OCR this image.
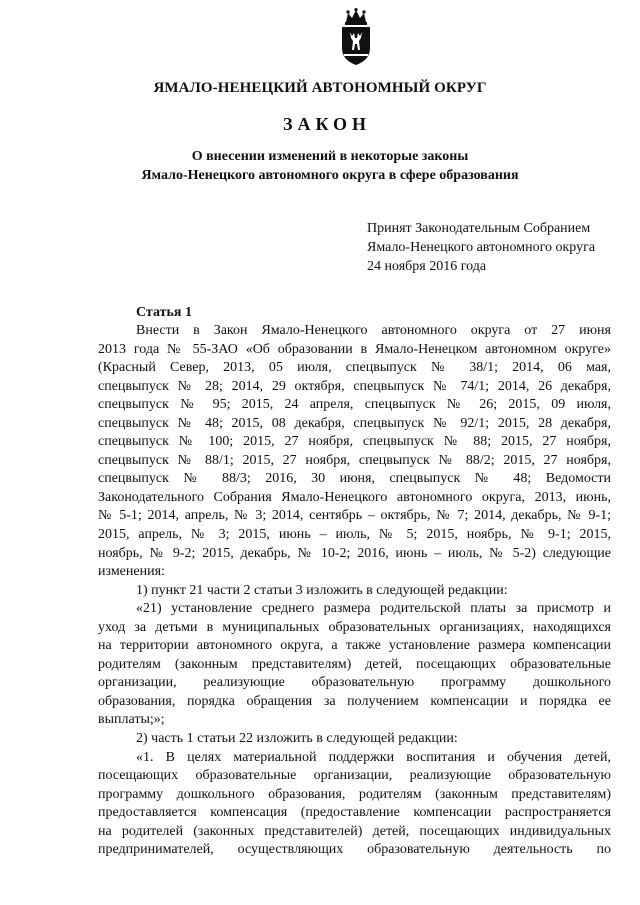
ЯМАЛО-НЕНЕЦКИЙ АВТОНОМНЫЙ ОКРУГ
ЗАКОН
О внесении изменений в некоторые законы
Ямало-Ненецкого автономного округа в сфере образования
Принят Законодательным Собранием
Ямало-Ненецкого автономного округа
24 ноября 2016 года
Статья 1
Внести в Закон Ямало-Ненецкого автономного округа от 27 июня
2013 года № 55-ЗАО «Об образовании в Ямало-Ненецком автономном округе»
(Красный Север, 2013, 05 июля, спецвыпуск № 38/1; 2014, 06 мая,
спецвыпуск № 28; 2014, 29 октября, спецвыпуск № 74/1; 2014, 26 декабря,
спецвыпуск № 95; 2015, 24 апреля, спецвыпуск № 26; 2015, 09 июля,
спецвыпуск № 48; 2015, 08 декабря, спецвыпуск № 92/1; 2015, 28 декабря,
спецвыпуск № 100; 2015, 27 ноября, спецвыпуск № 88; 2015, 27 ноября,
спецвыпуск № 88/1; 2015, 27 ноября, спецвыпуск № 88/2; 2015, 27 ноября,
спецвыпуск № 88/3; 2016, 30 июня, спецвыпуск № 48; Ведомости
Законодательного Собрания Ямало-Ненецкого автономного округа, 2013, июнь,
№ 5-1; 2014, апрель, № 3; 2014, сентябрь – октябрь, № 7; 2014, декабрь, № 9-1;
2015, апрель, № 3; 2015, июнь – июль, № 5; 2015, ноябрь, № 9-1; 2015,
ноябрь, № 9-2; 2015, декабрь, № 10-2; 2016, июнь – июль, № 5-2) следующие
изменения:
1) пункт 21 части 2 статьи 3 изложить в следующей редакции:
«21) установление среднего размера родительской платы за присмотр и
уход за детьми в муниципальных образовательных организациях, находящихся
на территории автономного округа, а также установление размера компенсации
родителям (законным представителям) детей, посещающих образовательные
организации, реализующие образовательную программу дошкольного
образования, порядка обращения за получением компенсации и порядка ее
выплаты;»;
2) часть 1 статьи 22 изложить в следующей редакции:
«1. В целях материальной поддержки воспитания и обучения детей,
посещающих образовательные организации, реализующие образовательную
программу дошкольного образования, родителям (законным представителям)
предоставляется компенсация (предоставление компенсации распространяется
на родителей (законных представителей) детей, посещающих индивидуальных
предпринимателей, осуществляющих образовательную деятельность по
